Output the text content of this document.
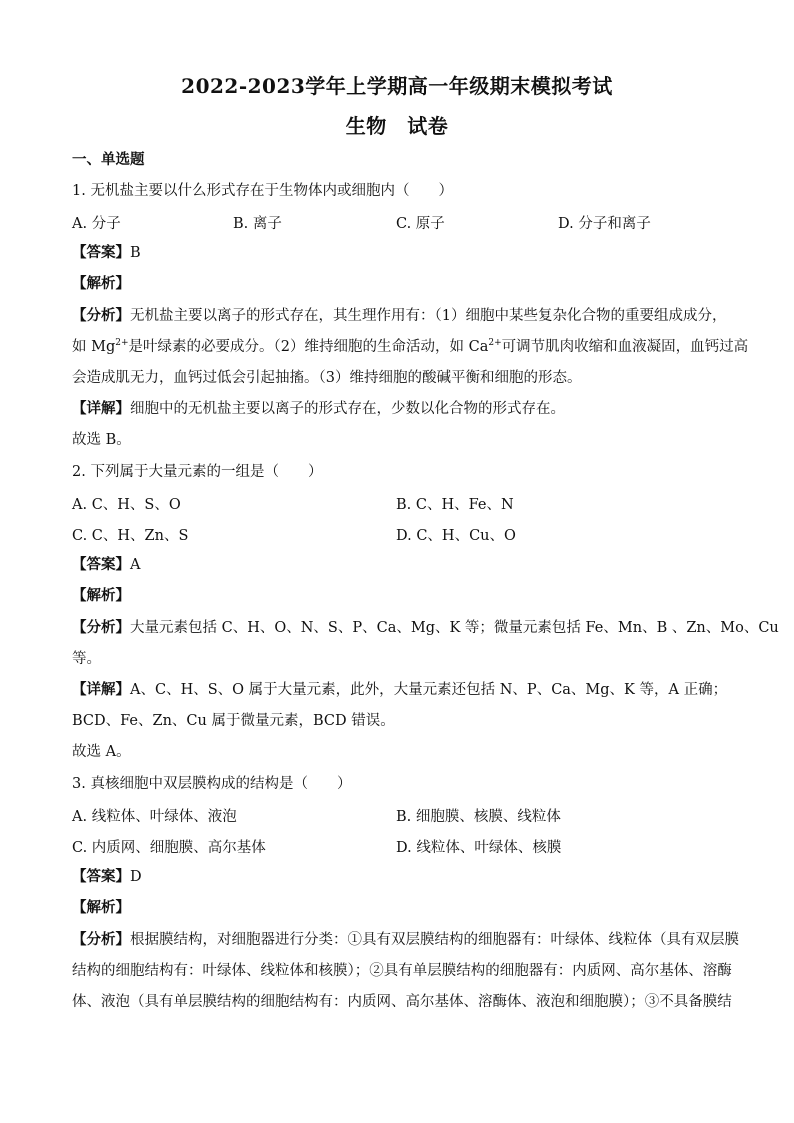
2022-2023学年上学期高一年级期末模拟考试
生物　试卷
一、单选题
1. 无机盐主要以什么形式存在于生物体内或细胞内（　　）
A. 分子	B. 离子	C. 原子	D. 分子和离子
【答案】B
【解析】
【分析】无机盐主要以离子的形式存在，其生理作用有：（1）细胞中某些复杂化合物的重要组成成分，
如 $Mg^{2+}$是叶绿素的必要成分。（2）维持细胞的生命活动，如 $Ca^{2+}$可调节肌肉收缩和血液凝固，血钙过高
会造成肌无力，血钙过低会引起抽搐。（3）维持细胞的酸碱平衡和细胞的形态。
【详解】细胞中的无机盐主要以离子的形式存在，少数以化合物的形式存在。
故选 B。
2. 下列属于大量元素的一组是（　　）
A. C、H、S、O	B. C、H、Fe、N
C. C、H、Zn、S	D. C、H、Cu、O
【答案】A
【解析】
【分析】大量元素包括 C、H、O、N、S、P、Ca、Mg、K 等；微量元素包括 Fe、Mn、B 、Zn、Mo、Cu
等。
【详解】A、C、H、S、O 属于大量元素，此外，大量元素还包括 N、P、Ca、Mg、K 等，A 正确；
BCD、Fe、Zn、Cu 属于微量元素，BCD 错误。
故选 A。
3. 真核细胞中双层膜构成的结构是（　　）
A. 线粒体、叶绿体、液泡	B. 细胞膜、核膜、线粒体
C. 内质网、细胞膜、高尔基体	D. 线粒体、叶绿体、核膜
【答案】D
【解析】
【分析】根据膜结构，对细胞器进行分类：①具有双层膜结构的细胞器有：叶绿体、线粒体（具有双层膜
结构的细胞结构有：叶绿体、线粒体和核膜）；②具有单层膜结构的细胞器有：内质网、高尔基体、溶酶
体、液泡（具有单层膜结构的细胞结构有：内质网、高尔基体、溶酶体、液泡和细胞膜）；③不具备膜结
